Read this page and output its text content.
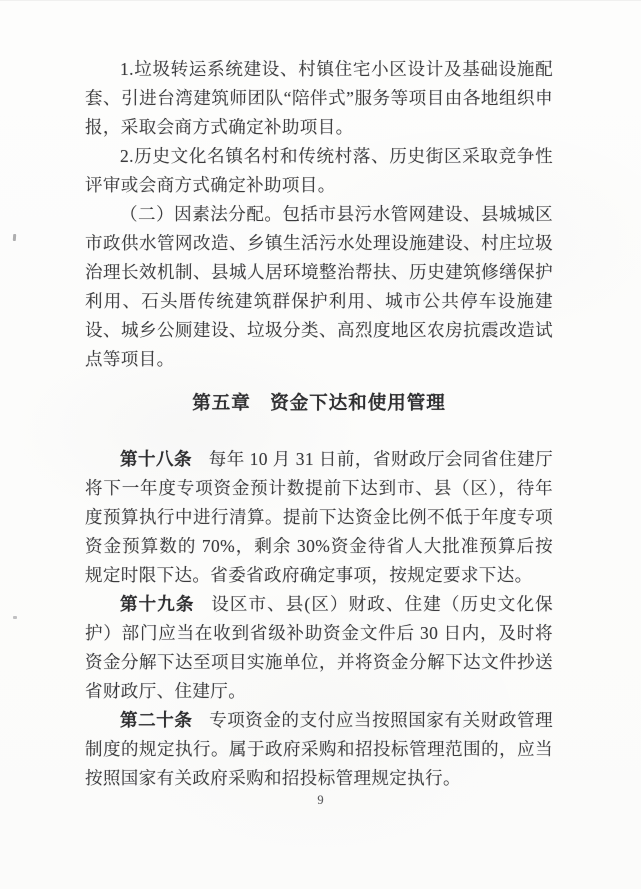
1.垃圾转运系统建设、村镇住宅小区设计及基础设施配套、引进台湾建筑师团队“陪伴式”服务等项目由各地组织申报，采取会商方式确定补助项目。

2.历史文化名镇名村和传统村落、历史街区采取竞争性评审或会商方式确定补助项目。

（二）因素法分配。包括市县污水管网建设、县城城区市政供水管网改造、乡镇生活污水处理设施建设、村庄垃圾治理长效机制、县城人居环境整治帮扶、历史建筑修缮保护利用、石头厝传统建筑群保护利用、城市公共停车设施建设、城乡公厕建设、垃圾分类、高烈度地区农房抗震改造试点等项目。

第五章　资金下达和使用管理

第十八条 每年 10 月 31 日前，省财政厅会同省住建厅将下一年度专项资金预计数提前下达到市、县（区），待年度预算执行中进行清算。提前下达资金比例不低于年度专项资金预算数的 70%，剩余 30%资金待省人大批准预算后按规定时限下达。省委省政府确定事项，按规定要求下达。

第十九条 设区市、县(区）财政、住建（历史文化保护）部门应当在收到省级补助资金文件后 30 日内，及时将资金分解下达至项目实施单位，并将资金分解下达文件抄送省财政厅、住建厅。

第二十条 专项资金的支付应当按照国家有关财政管理制度的规定执行。属于政府采购和招投标管理范围的，应当按照国家有关政府采购和招投标管理规定执行。

9
